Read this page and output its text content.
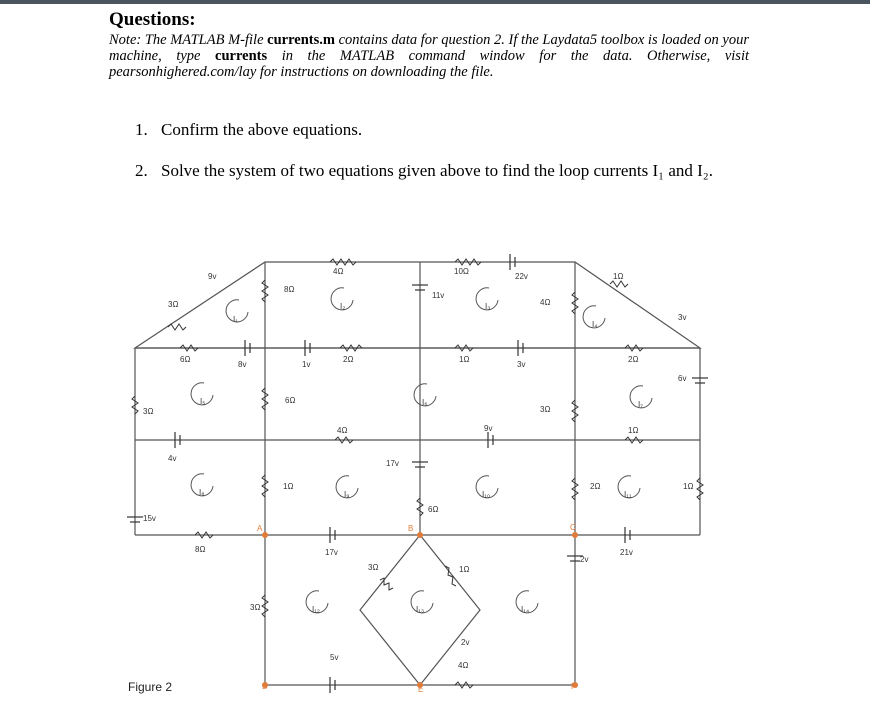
Questions:

Note: The MATLAB M-file currents.m contains data for question 2. If the Laydata5 toolbox is loaded on your machine, type currents in the MATLAB command window for the data. Otherwise, visit pearsonhighered.com/lay for instructions on downloading the file.

1. Confirm the above equations.

2. Solve the system of two equations given above to find the loop currents I₁ and I₂.

A	B	C
D	E	F
I₁
I₂	I₃
I₄
I₅	I₆	I₇
I₈	I₉	I₁₀	I₁₁
I₁₂	I₁₃	I₁₄
4Ω	10Ω
22v	1Ω
9v
8Ω
11v
4Ω
3Ω
3v
6Ω
8v	1v
2Ω	1Ω
3v
2Ω
6v
3Ω
6Ω
3Ω
4Ω	9v	1Ω
4v
17v
1Ω
6Ω
2Ω	1Ω
15v
8Ω	17v	21v
3Ω	1Ω
2v
3Ω
2v
5v
4Ω
Figure 2
